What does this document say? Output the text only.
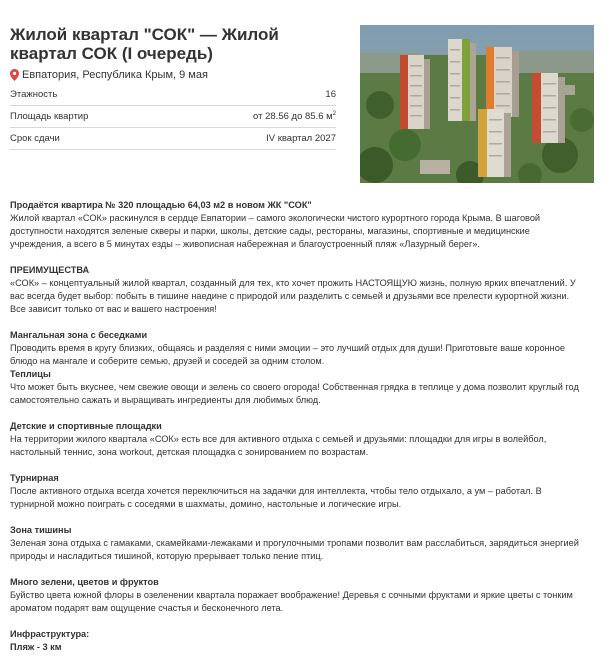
Жилой квартал "СОК" — Жилой квартал СОК (I очередь)
Евпатория, Республика Крым, 9 мая
Этажность	16
Площадь квартир	от 28.56 до 85.6 $м^2$
Срок сдачи	IV квартал 2027

Продаётся квартира № 320 площадью 64,03 м2 в новом ЖК "СОК"

Жилой квартал «СОК» раскинулся в сердце Евпатории – самого экологически чистого курортного города Крыма. В шаговой доступности находятся зеленые скверы и парки, школы, детские сады, рестораны, магазины, спортивные и медицинские учреждения, а всего в 5 минутах езды – живописная набережная и благоустроенный пляж «Лазурный берег».

ПРЕИМУЩЕСТВА

«СОК» – концептуальный жилой квартал, созданный для тех, кто хочет прожить НАСТОЯЩУЮ жизнь, полную ярких впечатлений. У вас всегда будет выбор: побыть в тишине наедине с природой или разделить с семьей и друзьями все прелести курортной жизни. Все зависит только от вас и вашего настроения!

Мангальная зона с беседками

Проводить время в кругу близких, общаясь и разделяя с ними эмоции – это лучший отдых для души! Приготовьте ваше коронное блюдо на мангале и соберите семью, друзей и соседей за одним столом.

Теплицы

Что может быть вкуснее, чем свежие овощи и зелень со своего огорода! Собственная грядка в теплице у дома позволит круглый год самостоятельно сажать и выращивать ингредиенты для любимых блюд.

Детские и спортивные площадки

На территории жилого квартала «СОК» есть все для активного отдыха с семьей и друзьями: площадки для игры в волейбол, настольный теннис, зона workout, детская площадка с зонированием по возрастам.

Турнирная

После активного отдыха всегда хочется переключиться на задачки для интеллекта, чтобы тело отдыхало, а ум – работал. В турнирной можно поиграть с соседями в шахматы, домино, настольные и логические игры.

Зона тишины

Зеленая зона отдыха с гамаками, скамейками-лежаками и прогулочными тропами позволит вам расслабиться, зарядиться энергией природы и насладиться тишиной, которую прерывает только пение птиц.

Много зелени, цветов и фруктов

Буйство цвета южной флоры в озеленении квартала поражает воображение! Деревья с сочными фруктами и яркие цветы с тонким ароматом подарят вам ощущение счастья и бесконечного лета.

Инфраструктура:

Пляж - 3 км
